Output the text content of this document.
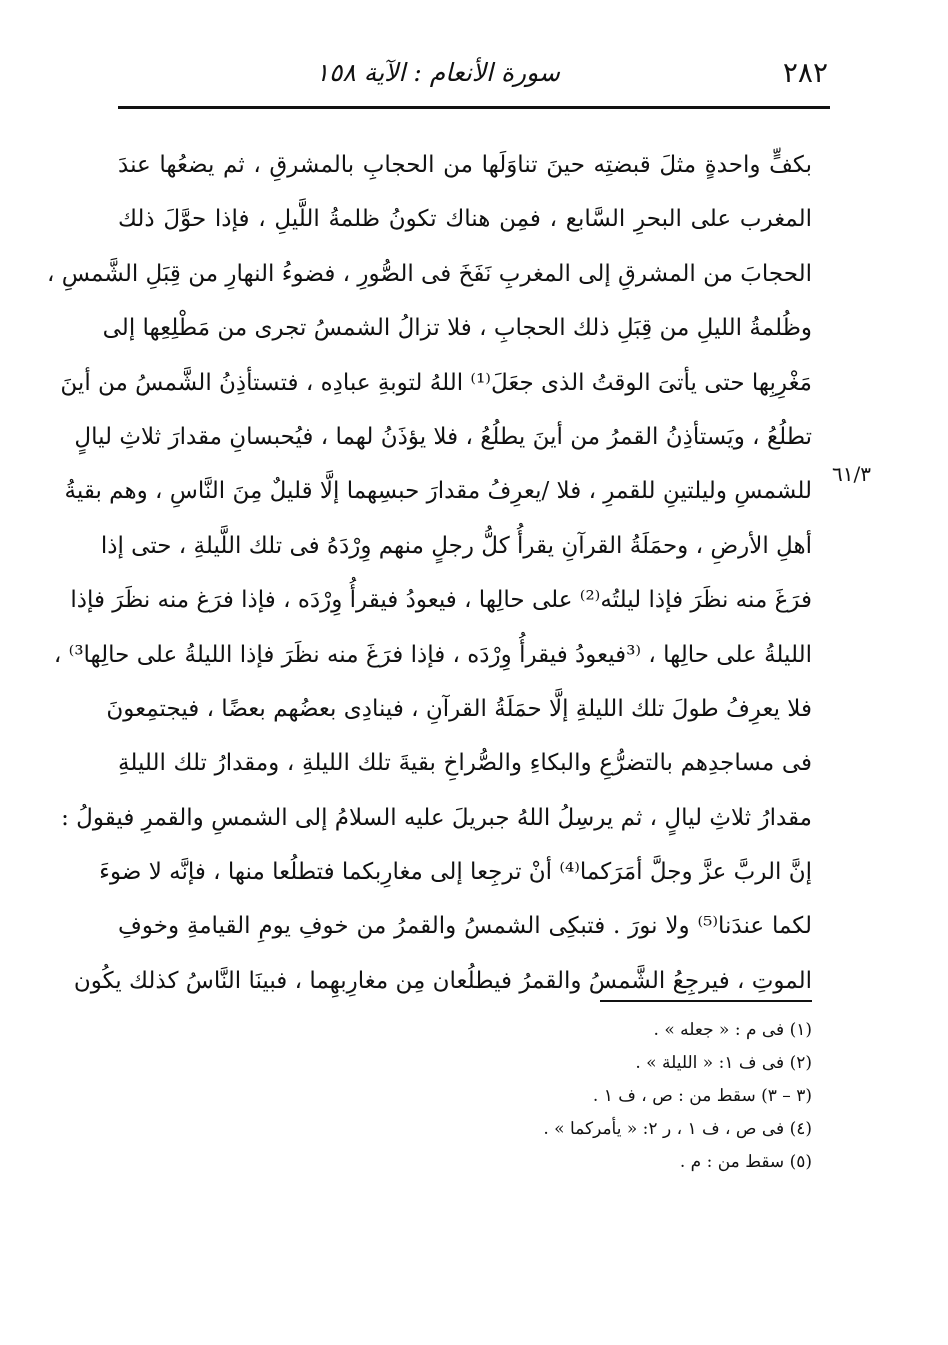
٢٨٢
سورة الأنعام : الآية ١٥٨
٦١/٣
بكفٍّ واحدةٍ مثلَ قبضتِه حينَ تناوَلَها من الحجابِ بالمشرقِ ، ثم يضعُها عندَ
المغرب على البحرِ السَّابع ، فمِن هناك تكونُ ظلمةُ اللَّيلِ ، فإذا حوَّلَ ذلك
الحجابَ من المشرقِ إلى المغربِ نَفَخَ فى الصُّورِ ، فضوءُ النهارِ من قِبَلِ الشَّمسِ ،
وظُلمةُ الليلِ من قِبَلِ ذلك الحجابِ ، فلا تزالُ الشمسُ تجرى من مَطْلِعِها إلى
مَغْرِبِها حتى يأتىَ الوقتُ الذى جعَلَ⁽¹⁾ اللهُ لتوبةِ عبادِه ، فتستأذِنُ الشَّمسُ من أينَ
تطلُعُ ، ويَستأذِنُ القمرُ من أينَ يطلُعُ ، فلا يؤذَنُ لهما ، فيُحبسانِ مقدارَ ثلاثِ ليالٍ
للشمسِ وليلتينِ للقمرِ ، فلا /يعرِفُ مقدارَ حبسِهما إلَّا قليلٌ مِنَ النَّاسِ ، وهم بقيةُ
أهلِ الأرضِ ، وحمَلَةُ القرآنِ يقرأُ كلُّ رجلٍ منهم وِرْدَهُ فى تلك اللَّيلةِ ، حتى إذا
فرَغَ منه نظَرَ فإذا ليلتُه⁽²⁾ على حالِها ، فيعودُ فيقرأُ وِرْدَه ، فإذا فرَغ منه نظَرَ فإذا
الليلةُ على حالِها ، ⁽³فيعودُ فيقرأُ وِرْدَه ، فإذا فرَغَ منه نظَرَ فإذا الليلةُ على حالِها³⁾ ،
فلا يعرِفُ طولَ تلك الليلةِ إلَّا حمَلَةُ القرآنِ ، فينادِى بعضُهم بعضًا ، فيجتمِعونَ
فى مساجدِهم بالتضرُّعِ والبكاءِ والصُّراخِ بقيةَ تلك الليلةِ ، ومقدارُ تلك الليلةِ
مقدارُ ثلاثِ ليالٍ ، ثم يرسِلُ اللهُ جبريلَ عليه السلامُ إلى الشمسِ والقمرِ فيقولُ :
إنَّ الربَّ عزَّ وجلَّ أمَرَكما⁽⁴⁾ أنْ ترجِعا إلى مغارِبكما فتطلُعا منها ، فإنَّه لا ضوءَ
لكما عندَنا⁽⁵⁾ ولا نورَ . فتبكِى الشمسُ والقمرُ من خوفِ يومِ القيامةِ وخوفِ
الموتِ ، فيرجِعُ الشَّمسُ والقمرُ فيطلُعان مِن مغارِبهِما ، فبينَا النَّاسُ كذلك يكُون
(١) فى م : « جعله » .
(٢) فى ف ١: « الليلة » .
(٣ – ٣) سقط من : ص ، ف ١ .
(٤) فى ص ، ف ١ ، ر ٢: « يأمركما » .
(٥) سقط من : م .
